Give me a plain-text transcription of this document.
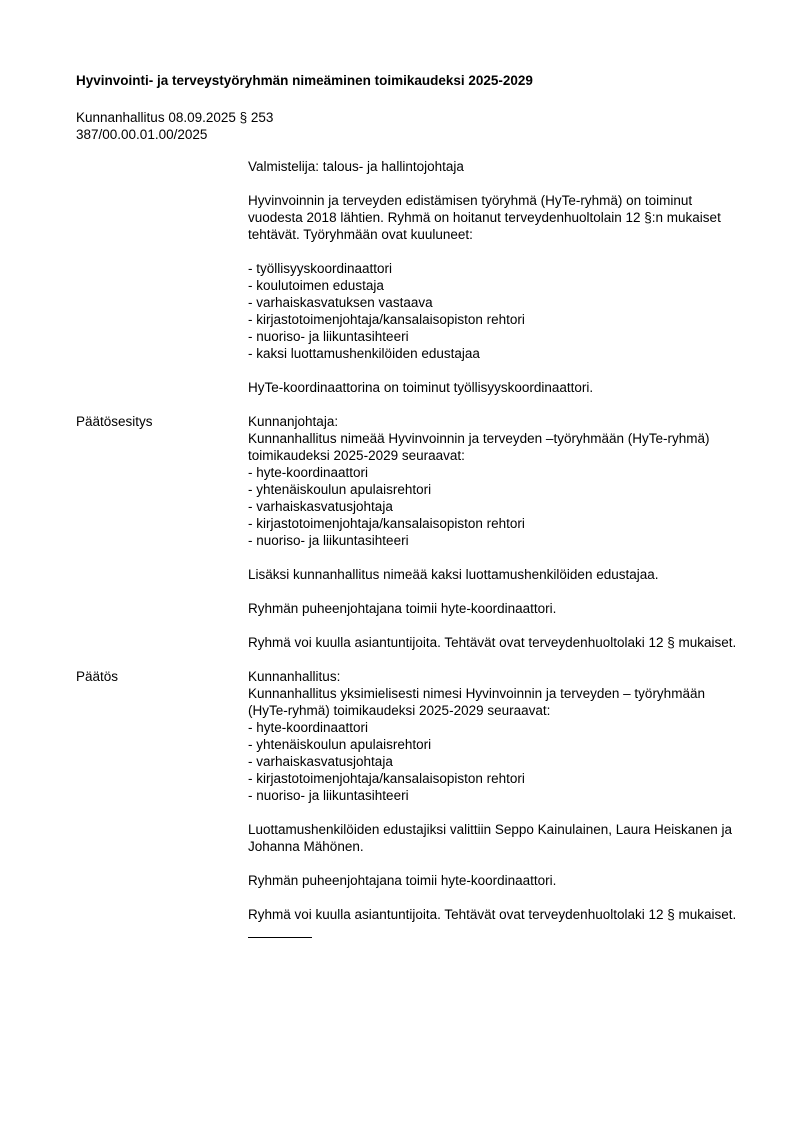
Hyvinvointi- ja terveystyöryhmän nimeäminen toimikaudeksi 2025-2029
Kunnanhallitus 08.09.2025 § 253
387/00.00.01.00/2025

Valmistelija: talous- ja hallintojohtaja

Hyvinvoinnin ja terveyden edistämisen työryhmä (HyTe-ryhmä) on toiminut vuodesta 2018 lähtien. Ryhmä on hoitanut terveydenhuoltolain 12 §:n mukaiset tehtävät. Työryhmään ovat kuuluneet:

- työllisyyskoordinaattori
- koulutoimen edustaja
- varhaiskasvatuksen vastaava
- kirjastotoimenjohtaja/kansalaisopiston rehtori
- nuoriso- ja liikuntasihteeri
- kaksi luottamushenkilöiden edustajaa

HyTe-koordinaattorina on toiminut työllisyyskoordinaattori.

Päätösesitys	Kunnanjohtaja:
Kunnanhallitus nimeää Hyvinvoinnin ja terveyden –työryhmään (HyTe-ryhmä) toimikaudeksi 2025-2029 seuraavat:
- hyte-koordinaattori
- yhtenäiskoulun apulaisrehtori
- varhaiskasvatusjohtaja
- kirjastotoimenjohtaja/kansalaisopiston rehtori
- nuoriso- ja liikuntasihteeri

Lisäksi kunnanhallitus nimeää kaksi luottamushenkilöiden edustajaa.

Ryhmän puheenjohtajana toimii hyte-koordinaattori.

Ryhmä voi kuulla asiantuntijoita. Tehtävät ovat terveydenhuoltolaki 12 § mukaiset.

Päätös	Kunnanhallitus:
Kunnanhallitus yksimielisesti nimesi Hyvinvoinnin ja terveyden – työryhmään (HyTe-ryhmä) toimikaudeksi 2025-2029 seuraavat:
- hyte-koordinaattori
- yhtenäiskoulun apulaisrehtori
- varhaiskasvatusjohtaja
- kirjastotoimenjohtaja/kansalaisopiston rehtori
- nuoriso- ja liikuntasihteeri

Luottamushenkilöiden edustajiksi valittiin Seppo Kainulainen, Laura Heiskanen ja Johanna Mähönen.

Ryhmän puheenjohtajana toimii hyte-koordinaattori.

Ryhmä voi kuulla asiantuntijoita. Tehtävät ovat terveydenhuoltolaki 12 § mukaiset.
